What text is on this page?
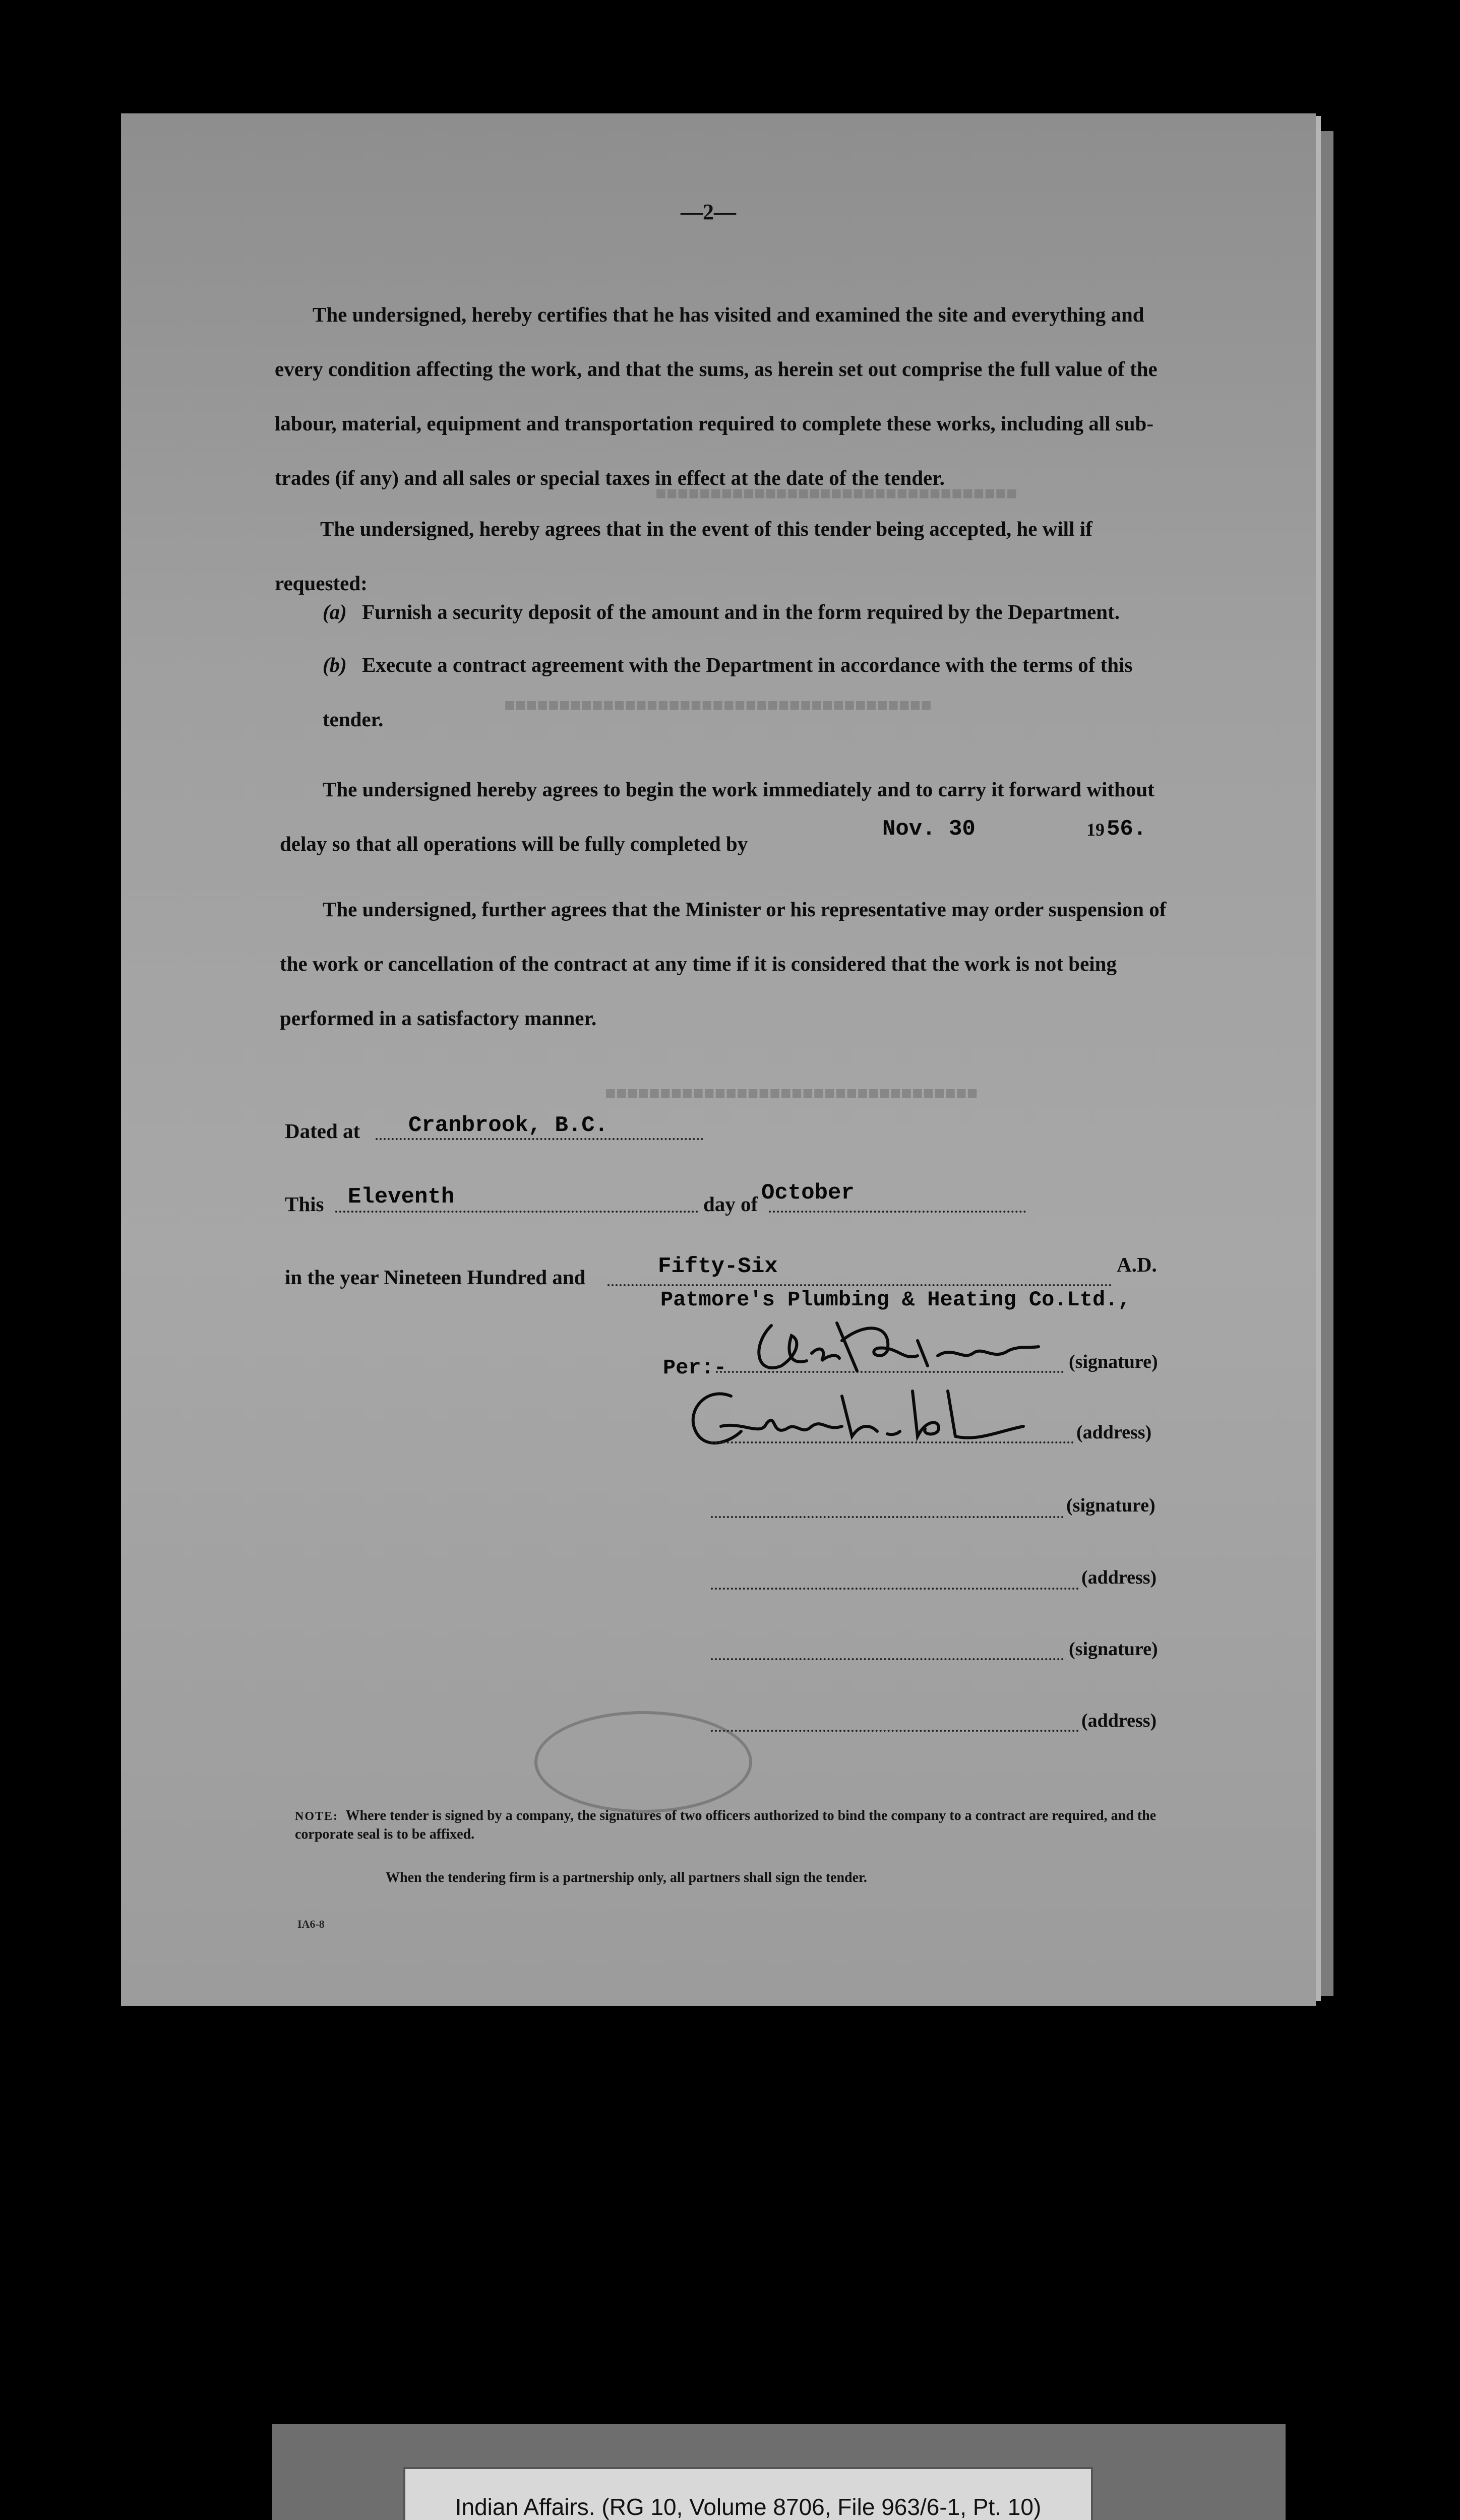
■■■■■■■■■■■■■■■■■■■■■■■■■■■■■■■■■
■■■■■■■■■■■■■■■■■■■■■■■■■■■■■■■■■■■■■■■
■■■■■■■■■■■■■■■■■■■■■■■■■■■■■■■■■■
—2—

The undersigned, hereby certifies that he has visited and examined the site and everything and every condition affecting the work, and that the sums, as herein set out comprise the full value of the labour, material, equipment and transportation required to complete these works, including all sub-trades (if any) and all sales or special taxes in effect at the date of the tender.

The undersigned, hereby agrees that in the event of this tender being accepted, he will if requested:

(a) Furnish a security deposit of the amount and in the form required by the Department.

(b) Execute a contract agreement with the Department in accordance with the terms of this tender.

The undersigned hereby agrees to begin the work immediately and to carry it forward without delay so that all operations will be fully completed by

Nov. 30	19 56.

The undersigned, further agrees that the Minister or his representative may order suspension of the work or cancellation of the contract at any time if it is considered that the work is not being performed in a satisfactory manner.

Dated at Cranbrook, B.C.
This Eleventh	day of October
in the year Nineteen Hundred and	Fifty-Six	A.D.
Patmore's Plumbing & Heating Co.Ltd.,
Per:-	(signature)
(address)
(signature)
(address)
(signature)
(address)
NOTE: Where tender is signed by a company, the signatures of two officers authorized to bind the company to a contract are required, and the corporate seal is to be affixed.
When the tendering firm is a partnership only, all partners shall sign the tender.
IA6-8
Indian Affairs. (RG 10, Volume 8706, File 963/6-1, Pt. 10)
